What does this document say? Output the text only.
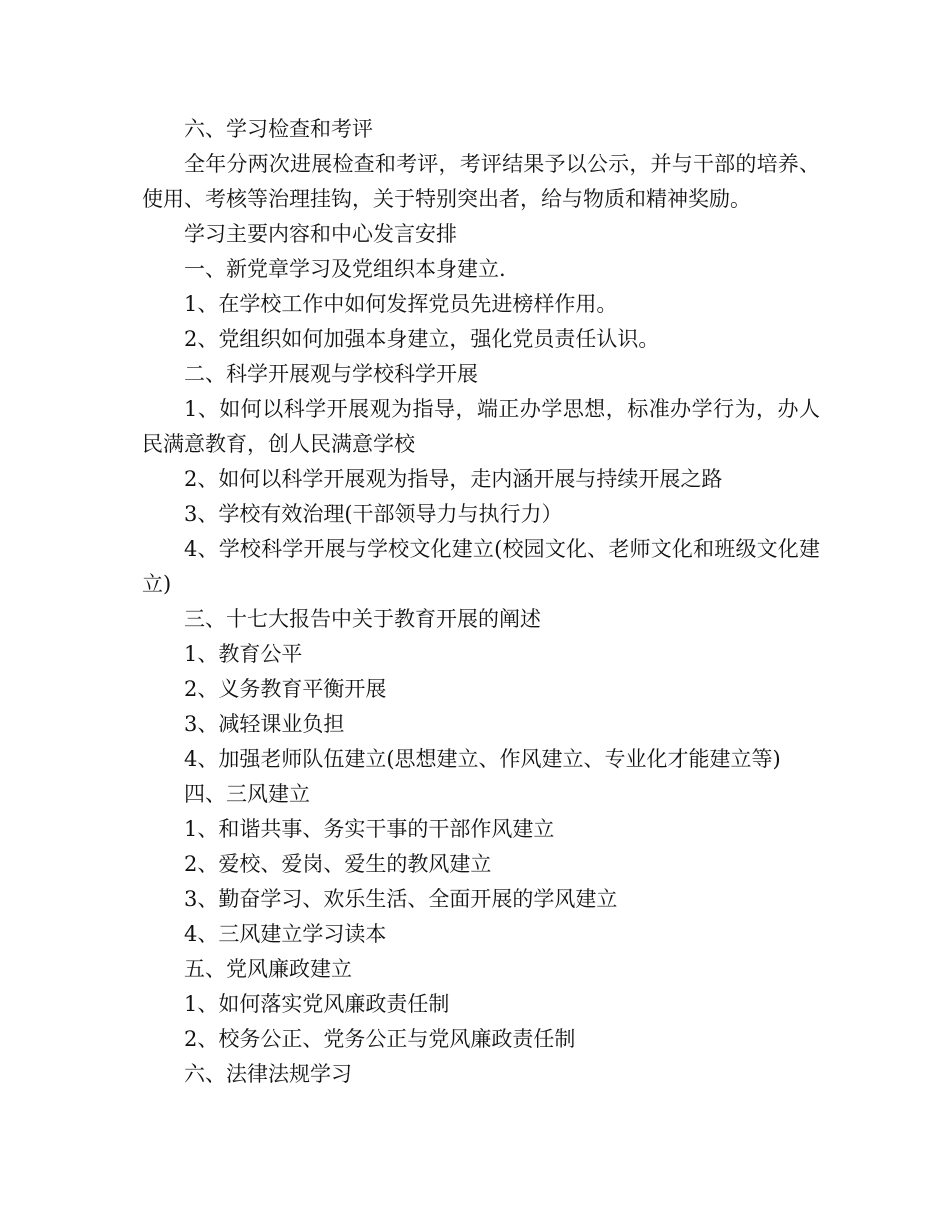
六、学习检查和考评

全年分两次进展检查和考评，考评结果予以公示，并与干部的培养、使用、考核等治理挂钩，关于特别突出者，给与物质和精神奖励。

学习主要内容和中心发言安排

一、新党章学习及党组织本身建立.

1、在学校工作中如何发挥党员先进榜样作用。

2、党组织如何加强本身建立，强化党员责任认识。

二、科学开展观与学校科学开展

1、如何以科学开展观为指导，端正办学思想，标准办学行为，办人民满意教育，创人民满意学校

2、如何以科学开展观为指导，走内涵开展与持续开展之路

3、学校有效治理(干部领导力与执行力）

4、学校科学开展与学校文化建立(校园文化、老师文化和班级文化建立)

三、十七大报告中关于教育开展的阐述

1、教育公平

2、义务教育平衡开展

3、减轻课业负担

4、加强老师队伍建立(思想建立、作风建立、专业化才能建立等)

四、三风建立

1、和谐共事、务实干事的干部作风建立

2、爱校、爱岗、爱生的教风建立

3、勤奋学习、欢乐生活、全面开展的学风建立

4、三风建立学习读本

五、党风廉政建立

1、如何落实党风廉政责任制

2、校务公正、党务公正与党风廉政责任制

六、法律法规学习
